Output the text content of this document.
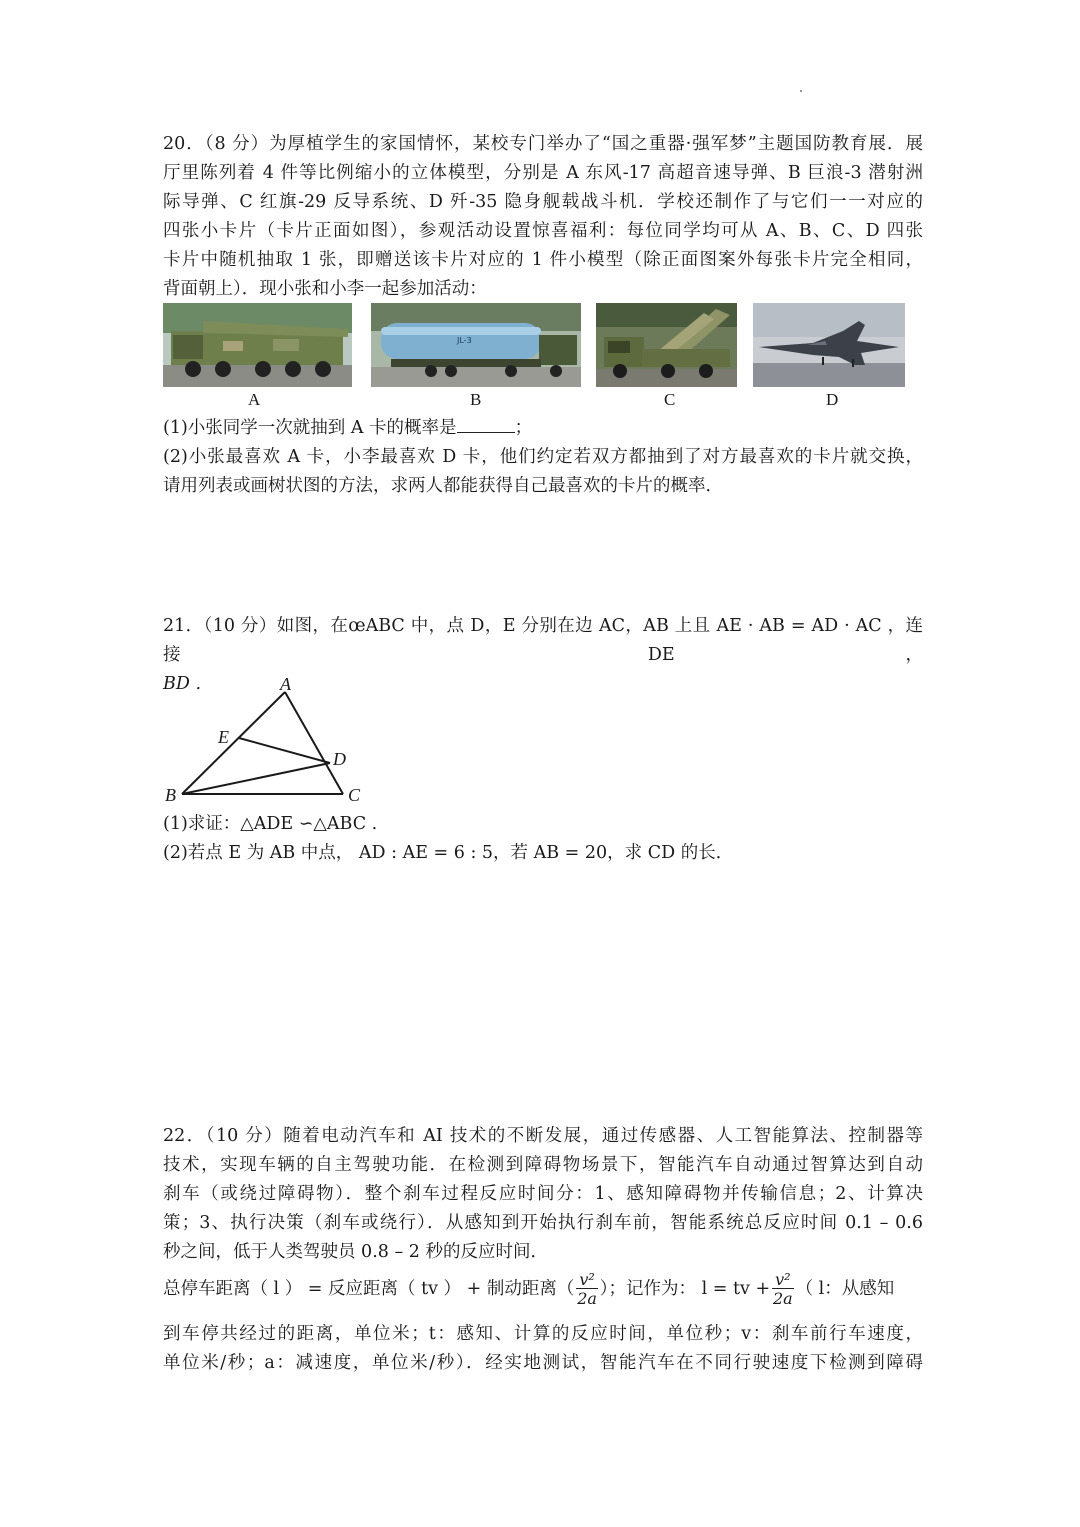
20．（8 分）为厚植学生的家国情怀，某校专门举办了“国之重器·强军梦”主题国防教育展．展

厅里陈列着 4 件等比例缩小的立体模型，分别是 A 东风-17 高超音速导弹、B 巨浪-3 潜射洲

际导弹、C 红旗-29 反导系统、D 歼-35 隐身舰载战斗机．学校还制作了与它们一一对应的

四张小卡片（卡片正面如图），参观活动设置惊喜福利：每位同学均可从 A、B、C、D 四张

卡片中随机抽取 1 张，即赠送该卡片对应的 1 件小模型（除正面图案外每张卡片完全相同，

背面朝上）．现小张和小李一起参加活动：

JL-3
A	B	C	D

(1)小张同学一次就抽到 A 卡的概率是	；

(2)小张最喜欢 A 卡，小李最喜欢 D 卡，他们约定若双方都抽到了对方最喜欢的卡片就交换，

请用列表或画树状图的方法，求两人都能获得自己最喜欢的卡片的概率．

21．（10 分）如图，在œABC 中，点 D，E 分别在边 AC，AB 上且 AE · AB = AD · AC ，连接 DE，

BD .	A
E
D
B	C

(1)求证：△ADE ∽△ABC .

(2)若点 E 为 AB 中点， AD : AE = 6 : 5，若 AB = 20，求 CD 的长．

22．（10 分）随着电动汽车和 AI 技术的不断发展，通过传感器、人工智能算法、控制器等

技术，实现车辆的自主驾驶功能．在检测到障碍物场景下，智能汽车自动通过智算达到自动

刹车（或绕过障碍物）．整个刹车过程反应时间分：1、感知障碍物并传输信息；2、计算决

策；3、执行决策（刹车或绕行）．从感知到开始执行刹车前，智能系统总反应时间 0.1 – 0.6

秒之间，低于人类驾驶员 0.8 – 2 秒的反应时间．

总停车距离（ l ） = 反应距离（ tv ） + 制动距离（ $\frac{\text{v²}}{2a}$ ）；记作为： l = tv + $\frac{\text{v²}}{2a}$ （ l：从感知

到车停共经过的距离，单位米；t：感知、计算的反应时间，单位秒；v：刹车前行车速度，

单位米/秒；a：减速度，单位米/秒）．经实地测试，智能汽车在不同行驶速度下检测到障碍
